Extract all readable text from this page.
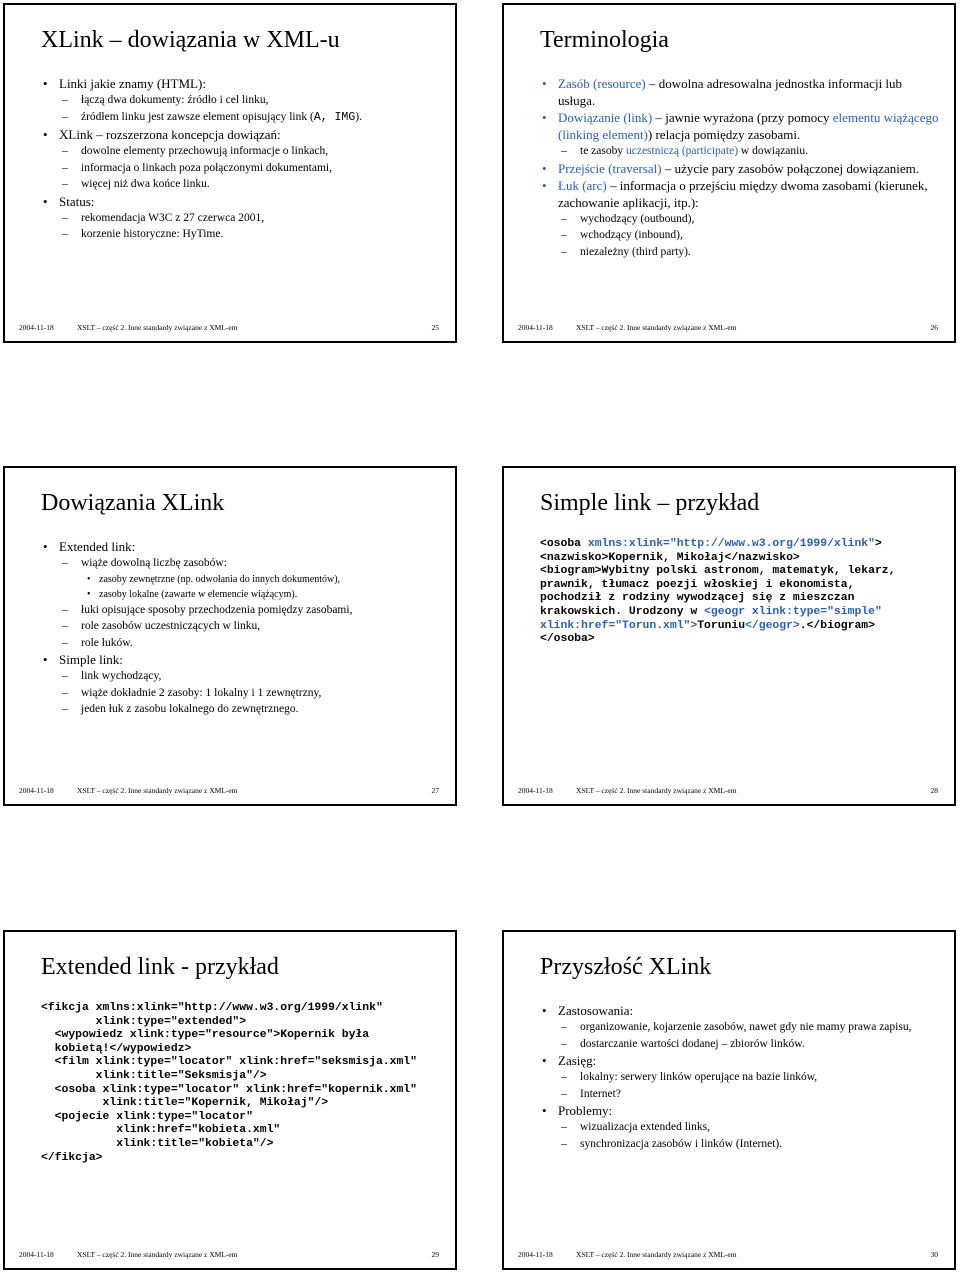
XLink – dowiązania w XML-u
• Linki jakie znamy (HTML):
– łączą dwa dokumenty: źródło i cel linku,
– źródłem linku jest zawsze element opisujący link (A, IMG).
• XLink – rozszerzona koncepcja dowiązań:
– dowolne elementy przechowują informacje o linkach,
– informacja o linkach poza połączonymi dokumentami,
– więcej niż dwa końce linku.
• Status:
– rekomendacja W3C z 27 czerwca 2001,
– korzenie historyczne: HyTime.
2004-11-18	XSLT – część 2. Inne standardy związane z XML-em	25
Terminologia
• Zasób (resource) – dowolna adresowalna jednostka informacji lub usługa.
• Dowiązanie (link) – jawnie wyrażona (przy pomocy elementu wiążącego (linking element)) relacja pomiędzy zasobami.
– te zasoby uczestniczą (participate) w dowiązaniu.
• Przejście (traversal) – użycie pary zasobów połączonej dowiązaniem.
• Łuk (arc) – informacja o przejściu między dwoma zasobami (kierunek, zachowanie aplikacji, itp.):
– wychodzący (outbound),
– wchodzący (inbound),
– niezależny (third party).
2004-11-18	XSLT – część 2. Inne standardy związane z XML-em	26
Dowiązania XLink
• Extended link:
– wiąże dowolną liczbę zasobów:
• zasoby zewnętrzne (np. odwołania do innych dokumentów),
• zasoby lokalne (zawarte w elemencie wiążącym).
– łuki opisujące sposoby przechodzenia pomiędzy zasobami,
– role zasobów uczestniczących w linku,
– role łuków.
• Simple link:
– link wychodzący,
– wiąże dokładnie 2 zasoby: 1 lokalny i 1 zewnętrzny,
– jeden łuk z zasobu lokalnego do zewnętrznego.
2004-11-18	XSLT – część 2. Inne standardy związane z XML-em	27
Simple link – przykład
<osoba xmlns:xlink="http://www.w3.org/1999/xlink">
<nazwisko>Kopernik, Mikołaj</nazwisko>
<biogram>Wybitny polski astronom, matematyk, lekarz,
prawnik, tłumacz poezji włoskiej i ekonomista,
pochodził z rodziny wywodzącej się z mieszczan
krakowskich. Urodzony w <geogr xlink:type="simple"
xlink:href="Torun.xml">Toruniu</geogr>.</biogram>
</osoba>
2004-11-18	XSLT – część 2. Inne standardy związane z XML-em	28
Extended link - przykład
<fikcja xmlns:xlink="http://www.w3.org/1999/xlink"
xlink:type="extended">
<wypowiedz xlink:type="resource">Kopernik była
kobietą!</wypowiedz>
<film xlink:type="locator" xlink:href="seksmisja.xml"
xlink:title="Seksmisja"/>
<osoba xlink:type="locator" xlink:href="kopernik.xml"
xlink:title="Kopernik, Mikołaj"/>
<pojecie xlink:type="locator"
xlink:href="kobieta.xml"
xlink:title="kobieta"/>
</fikcja>
2004-11-18	XSLT – część 2. Inne standardy związane z XML-em	29
Przyszłość XLink
• Zastosowania:
– organizowanie, kojarzenie zasobów, nawet gdy nie mamy prawa zapisu,
– dostarczanie wartości dodanej – zbiorów linków.
• Zasięg:
– lokalny: serwery linków operujące na bazie linków,
– Internet?
• Problemy:
– wizualizacja extended links,
– synchronizacja zasobów i linków (Internet).
2004-11-18	XSLT – część 2. Inne standardy związane z XML-em	30
